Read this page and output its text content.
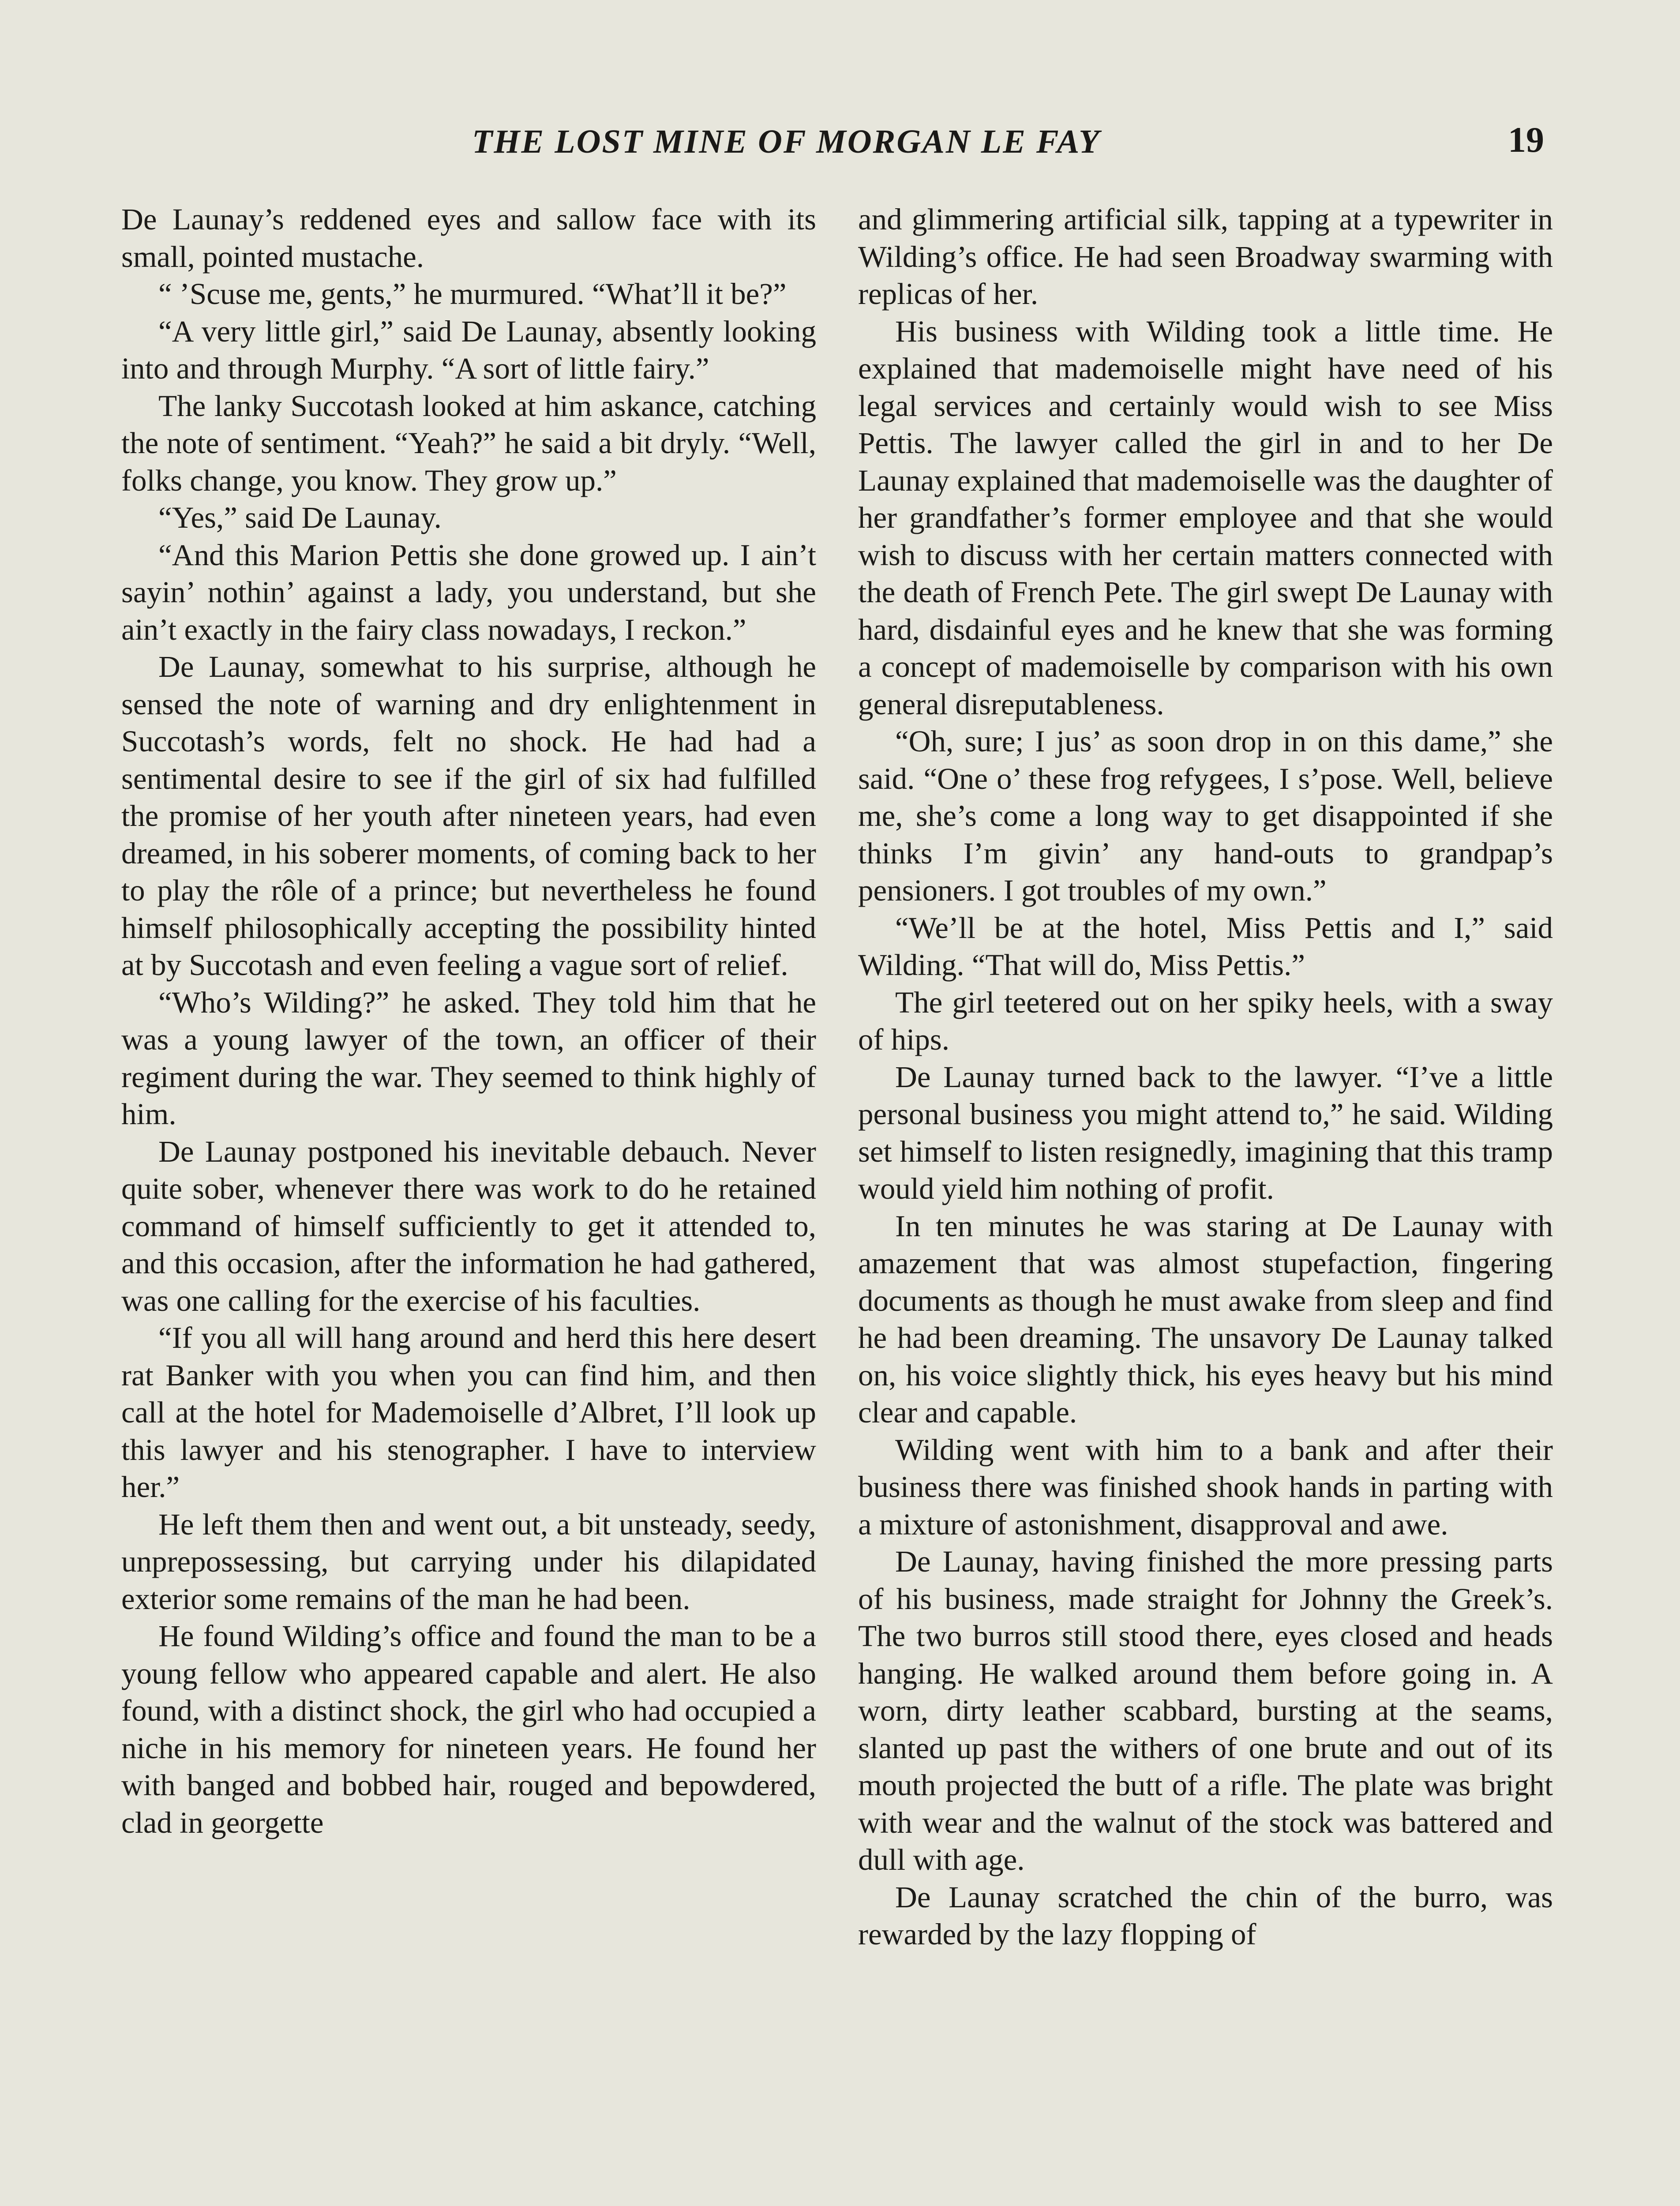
THE LOST MINE OF MORGAN LE FAY	19

De Launay’s reddened eyes and sallow face with its small, pointed mustache.

“ ’Scuse me, gents,” he murmured. “What’ll it be?”

“A very little girl,” said De Launay, absently looking into and through Murphy. “A sort of little fairy.”

The lanky Succotash looked at him askance, catching the note of sentiment. “Yeah?” he said a bit dryly. “Well, folks change, you know. They grow up.”

“Yes,” said De Launay.

“And this Marion Pettis she done growed up. I ain’t sayin’ nothin’ against a lady, you understand, but she ain’t exactly in the fairy class nowadays, I reckon.”

De Launay, somewhat to his surprise, although he sensed the note of warning and dry enlightenment in Succotash’s words, felt no shock. He had had a sentimental desire to see if the girl of six had fulfilled the promise of her youth after nineteen years, had even dreamed, in his soberer moments, of coming back to her to play the rôle of a prince; but nevertheless he found himself philosophically accepting the possibility hinted at by Succotash and even feeling a vague sort of relief.

“Who’s Wilding?” he asked. They told him that he was a young lawyer of the town, an officer of their regiment during the war. They seemed to think highly of him.

De Launay postponed his inevitable debauch. Never quite sober, whenever there was work to do he retained command of himself sufficiently to get it attended to, and this occasion, after the information he had gathered, was one calling for the exercise of his faculties.

“If you all will hang around and herd this here desert rat Banker with you when you can find him, and then call at the hotel for Mademoiselle d’Albret, I’ll look up this lawyer and his stenographer. I have to interview her.”

He left them then and went out, a bit unsteady, seedy, unprepossessing, but carrying under his dilapidated exterior some remains of the man he had been.

He found Wilding’s office and found the man to be a young fellow who appeared capable and alert. He also found, with a distinct shock, the girl who had occupied a niche in his memory for nineteen years. He found her with banged and bobbed hair, rouged and bepowdered, clad in georgette

and glimmering artificial silk, tapping at a typewriter in Wilding’s office. He had seen Broadway swarming with replicas of her.

His business with Wilding took a little time. He explained that mademoiselle might have need of his legal services and certainly would wish to see Miss Pettis. The lawyer called the girl in and to her De Launay explained that mademoiselle was the daughter of her grandfather’s former employee and that she would wish to discuss with her certain matters connected with the death of French Pete. The girl swept De Launay with hard, disdainful eyes and he knew that she was forming a concept of mademoiselle by comparison with his own general disreputableness.

“Oh, sure; I jus’ as soon drop in on this dame,” she said. “One o’ these frog refygees, I s’pose. Well, believe me, she’s come a long way to get disappointed if she thinks I’m givin’ any hand-outs to grandpap’s pensioners. I got troubles of my own.”

“We’ll be at the hotel, Miss Pettis and I,” said Wilding. “That will do, Miss Pettis.”

The girl teetered out on her spiky heels, with a sway of hips.

De Launay turned back to the lawyer. “I’ve a little personal business you might attend to,” he said. Wilding set himself to listen resignedly, imagining that this tramp would yield him nothing of profit.

In ten minutes he was staring at De Launay with amazement that was almost stupefaction, fingering documents as though he must awake from sleep and find he had been dreaming. The unsavory De Launay talked on, his voice slightly thick, his eyes heavy but his mind clear and capable.

Wilding went with him to a bank and after their business there was finished shook hands in parting with a mixture of astonishment, disapproval and awe.

De Launay, having finished the more pressing parts of his business, made straight for Johnny the Greek’s. The two burros still stood there, eyes closed and heads hanging. He walked around them before going in. A worn, dirty leather scabbard, bursting at the seams, slanted up past the withers of one brute and out of its mouth projected the butt of a rifle. The plate was bright with wear and the walnut of the stock was battered and dull with age.

De Launay scratched the chin of the burro, was rewarded by the lazy flopping of
